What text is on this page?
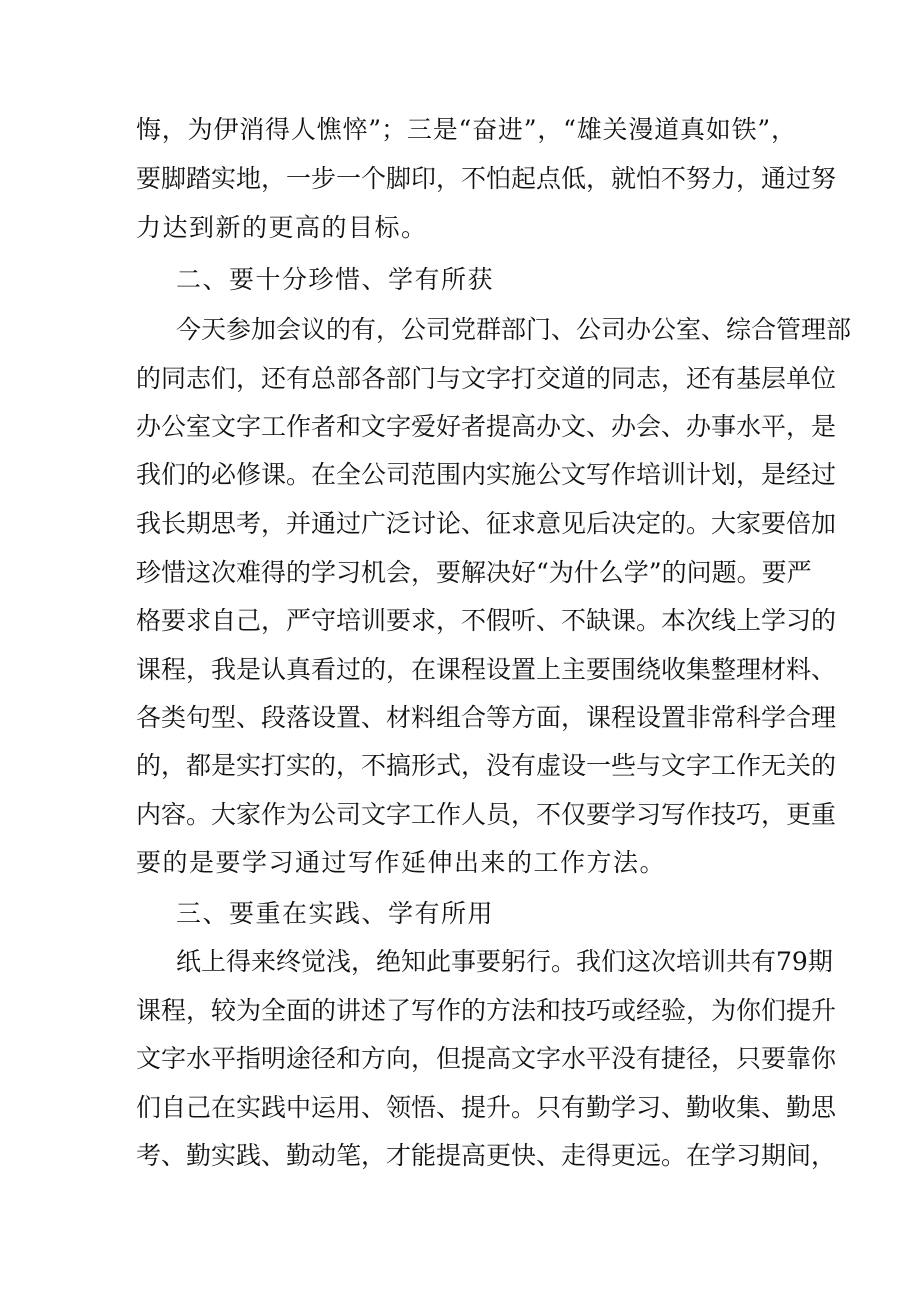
悔，为伊消得人憔悴”；三是“奋进”，“雄关漫道真如铁”，
要脚踏实地，一步一个脚印，不怕起点低，就怕不努力，通过努
力达到新的更高的目标。
二、要十分珍惜、学有所获
今天参加会议的有，公司党群部门、公司办公室、综合管理部
的同志们，还有总部各部门与文字打交道的同志，还有基层单位
办公室文字工作者和文字爱好者提高办文、办会、办事水平，是
我们的必修课。在全公司范围内实施公文写作培训计划，是经过
我长期思考，并通过广泛讨论、征求意见后决定的。大家要倍加
珍惜这次难得的学习机会，要解决好“为什么学”的问题。要严
格要求自己，严守培训要求，不假听、不缺课。本次线上学习的
课程，我是认真看过的，在课程设置上主要围绕收集整理材料、
各类句型、段落设置、材料组合等方面，课程设置非常科学合理
的，都是实打实的，不搞形式，没有虚设一些与文字工作无关的
内容。大家作为公司文字工作人员，不仅要学习写作技巧，更重
要的是要学习通过写作延伸出来的工作方法。
三、要重在实践、学有所用
纸上得来终觉浅，绝知此事要躬行。我们这次培训共有79期
课程，较为全面的讲述了写作的方法和技巧或经验，为你们提升
文字水平指明途径和方向，但提高文字水平没有捷径，只要靠你
们自己在实践中运用、领悟、提升。只有勤学习、勤收集、勤思
考、勤实践、勤动笔，才能提高更快、走得更远。在学习期间，
